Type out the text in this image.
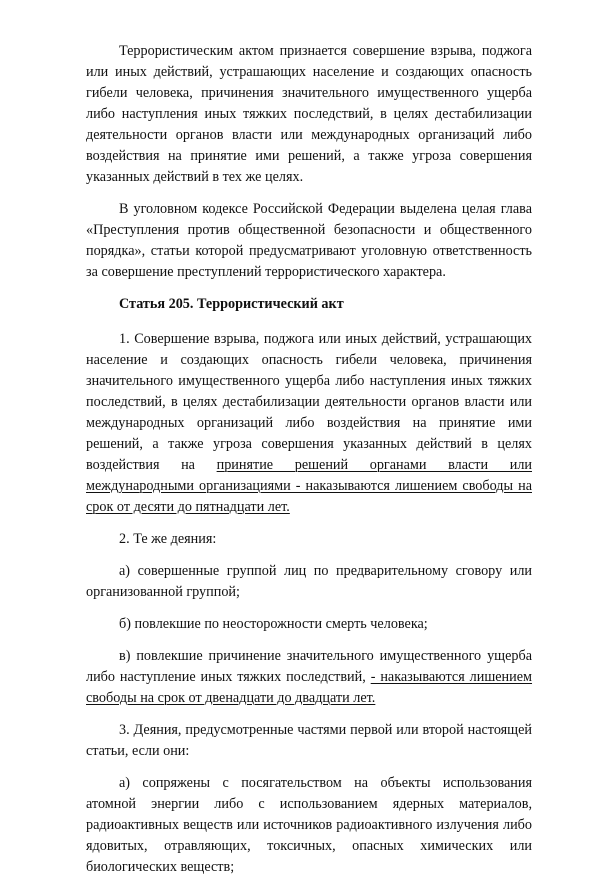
Террористическим актом признается совершение взрыва, поджога или иных действий, устрашающих население и создающих опасность гибели человека, причинения значительного имущественного ущерба либо наступления иных тяжких последствий, в целях дестабилизации деятельности органов власти или международных организаций либо воздействия на принятие ими решений, а также угроза совершения указанных действий в тех же целях.

В уголовном кодексе Российской Федерации выделена целая глава «Преступления против общественной безопасности и общественного порядка», статьи которой предусматривают уголовную ответственность за совершение преступлений террористического характера.

Статья 205. Террористический акт

1. Совершение взрыва, поджога или иных действий, устрашающих население и создающих опасность гибели человека, причинения значительного имущественного ущерба либо наступления иных тяжких последствий, в целях дестабилизации деятельности органов власти или международных организаций либо воздействия на принятие ими решений, а также угроза совершения указанных действий в целях воздействия на принятие решений органами власти или международными организациями - наказываются лишением свободы на срок от десяти до пятнадцати лет.

2. Те же деяния:

а) совершенные группой лиц по предварительному сговору или организованной группой;

б) повлекшие по неосторожности смерть человека;

в) повлекшие причинение значительного имущественного ущерба либо наступление иных тяжких последствий, - наказываются лишением свободы на срок от двенадцати до двадцати лет.

3. Деяния, предусмотренные частями первой или второй настоящей статьи, если они:

а) сопряжены с посягательством на объекты использования атомной энергии либо с использованием ядерных материалов, радиоактивных веществ или источников радиоактивного излучения либо ядовитых, отравляющих, токсичных, опасных химических или биологических веществ;
